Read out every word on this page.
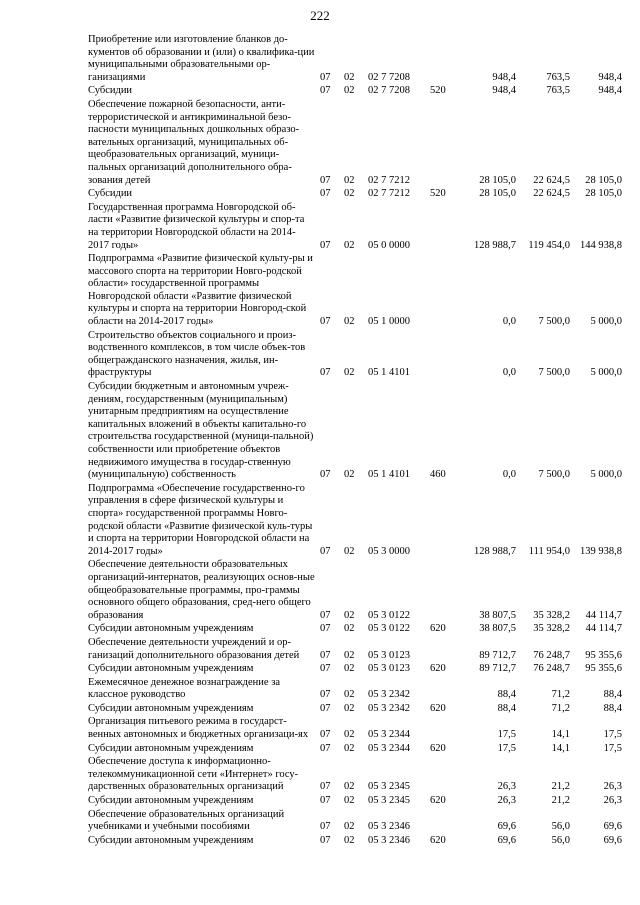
222
Приобретение или изготовление бланков до-кументов об образовании и (или) о квалифика-ции муниципальными образовательными ор-ганизациями	07	02	02 7 7208		948,4	763,5	948,4
Субсидии	07	02	02 7 7208	520	948,4	763,5	948,4
Обеспечение пожарной безопасности, анти-террористической и антикриминальной безо-пасности муниципальных дошкольных образо-вательных организаций, муниципальных об-щеобразовательных организаций, муници-пальных организаций дополнительного обра-зования детей	07	02	02 7 7212		28 105,0	22 624,5	28 105,0
Субсидии	07	02	02 7 7212	520	28 105,0	22 624,5	28 105,0
Государственная программа Новгородской об-ласти «Развитие физической культуры и спор-та на территории Новгородской области на 2014-2017 годы»	07	02	05 0 0000		128 988,7	119 454,0	144 938,8
Подпрограмма «Развитие физической культу-ры и массового спорта на территории Новго-родской области» государственной программы Новгородской области «Развитие физической культуры и спорта на территории Новгород-ской области на 2014-2017 годы»	07	02	05 1 0000		0,0	7 500,0	5 000,0
Строительство объектов социального и произ-водственного комплексов, в том числе объек-тов общегражданского назначения, жилья, ин-фраструктуры	07	02	05 1 4101		0,0	7 500,0	5 000,0
Субсидии бюджетным и автономным учреж-дениям, государственным (муниципальным) унитарным предприятиям на осуществление капитальных вложений в объекты капитально-го строительства государственной (муници-пальной) собственности или приобретение объектов недвижимого имущества в государ-ственную (муниципальную) собственность	07	02	05 1 4101	460	0,0	7 500,0	5 000,0
Подпрограмма «Обеспечение государственно-го управления в сфере физической культуры и спорта» государственной программы Новго-родской области «Развитие физической куль-туры и спорта на территории Новгородской области на 2014-2017 годы»	07	02	05 3 0000		128 988,7	111 954,0	139 938,8
Обеспечение деятельности образовательных организаций-интернатов, реализующих основ-ные общеобразовательные программы, про-граммы основного общего образования, сред-него общего образования	07	02	05 3 0122		38 807,5	35 328,2	44 114,7
Субсидии автономным учреждениям	07	02	05 3 0122	620	38 807,5	35 328,2	44 114,7
Обеспечение деятельности учреждений и ор-ганизаций дополнительного образования детей	07	02	05 3 0123		89 712,7	76 248,7	95 355,6
Субсидии автономным учреждениям	07	02	05 3 0123	620	89 712,7	76 248,7	95 355,6
Ежемесячное денежное вознаграждение за классное руководство	07	02	05 3 2342		88,4	71,2	88,4
Субсидии автономным учреждениям	07	02	05 3 2342	620	88,4	71,2	88,4
Организация питьевого режима в государст-венных автономных и бюджетных организаци-ях	07	02	05 3 2344		17,5	14,1	17,5
Субсидии автономным учреждениям	07	02	05 3 2344	620	17,5	14,1	17,5
Обеспечение доступа к информационно-телекоммуникационной сети «Интернет» госу-дарственных образовательных организаций	07	02	05 3 2345		26,3	21,2	26,3
Субсидии автономным учреждениям	07	02	05 3 2345	620	26,3	21,2	26,3
Обеспечение образовательных организаций учебниками и учебными пособиями	07	02	05 3 2346		69,6	56,0	69,6
Субсидии автономным учреждениям	07	02	05 3 2346	620	69,6	56,0	69,6
